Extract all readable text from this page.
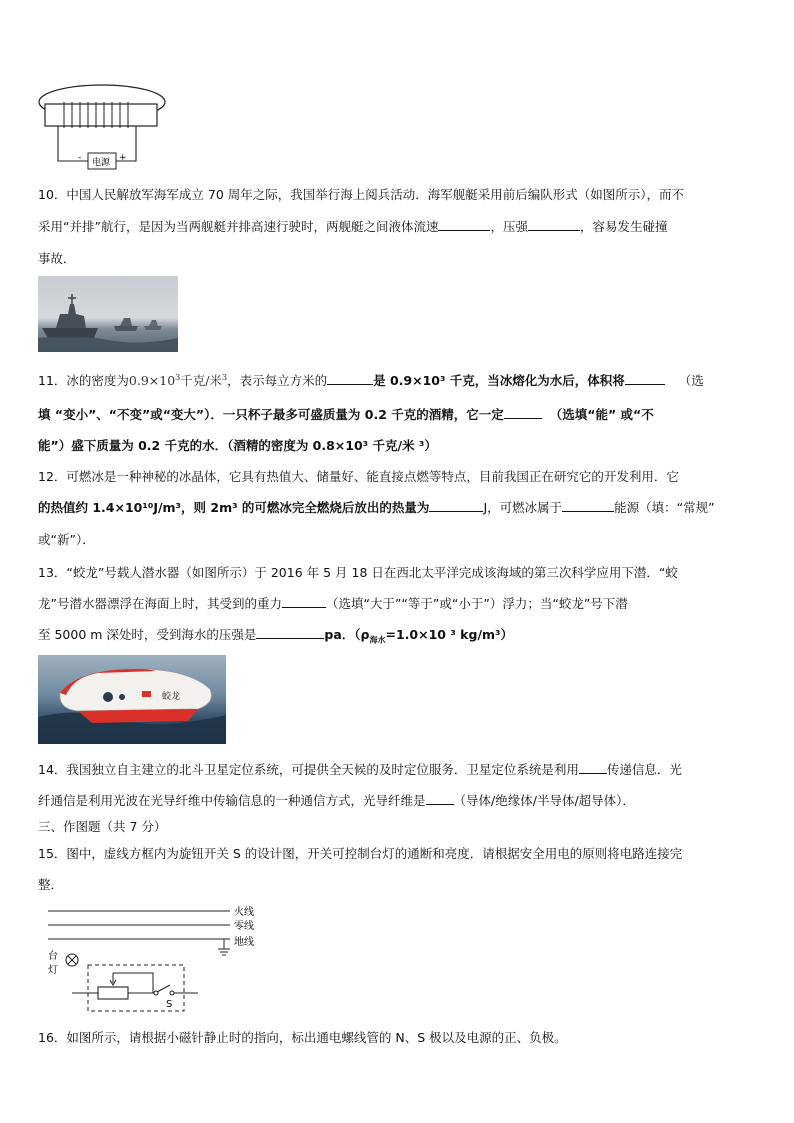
电源
-	+
10．中国人民解放军海军成立 70 周年之际，我国举行海上阅兵活动．海军舰艇采用前后编队形式（如图所示），而不
采用“并排”航行，是因为当两舰艇并排高速行驶时，两舰艇之间液体流速	，压强	，容易发生碰撞
事故．
11．冰的密度为$0.9\times 10^3$千克/米$^3$，表示每立方米的	是 0.9×10³ 千克，当冰熔化为水后，体积将	（选
填 “变小”、“不变”或“变大”）．一只杯子最多可盛质量为 0.2 千克的酒精，它一定	（选填“能” 或“不
能”）盛下质量为 0.2 千克的水．（酒精的密度为 0.8×10³ 千克/米 ³）
12．可燃冰是一种神秘的冰晶体，它具有热值大、储量好、能直接点燃等特点，目前我国正在研究它的开发利用．它
的热值约 1.4×10¹⁰J/m³，则 2m³ 的可燃冰完全燃烧后放出的热量为	J，可燃冰属于	能源（填：“常规”
或“新”）．
13．“蛟龙”号载人潜水器（如图所示）于 2016 年 5 月 18 日在西北太平洋完成该海域的第三次科学应用下潜．“蛟
龙”号潜水器漂浮在海面上时，其受到的重力	（选填“大于”“等于”或“小于”）浮力；当“蛟龙”号下潜
至 5000 m 深处时，受到海水的压强是	pa．（$\rho_{海水}=1.0\times 10$ ³ kg/m³）
蛟龙
14．我国独立自主建立的北斗卫星定位系统，可提供全天候的及时定位服务．卫星定位系统是利用 传递信息．光
纤通信是利用光波在光导纤维中传输信息的一种通信方式，光导纤维是 （导体/绝缘体/半导体/超导体）．
三、作图题（共 7 分）
15．图中，虚线方框内为旋钮开关 S 的设计图，开关可控制台灯的通断和亮度．请根据安全用电的原则将电路连接完
整．
火线
零线
地线
台
灯
S
16．如图所示，请根据小磁针静止时的指向，标出通电螺线管的 N、S 极以及电源的正、负极。
